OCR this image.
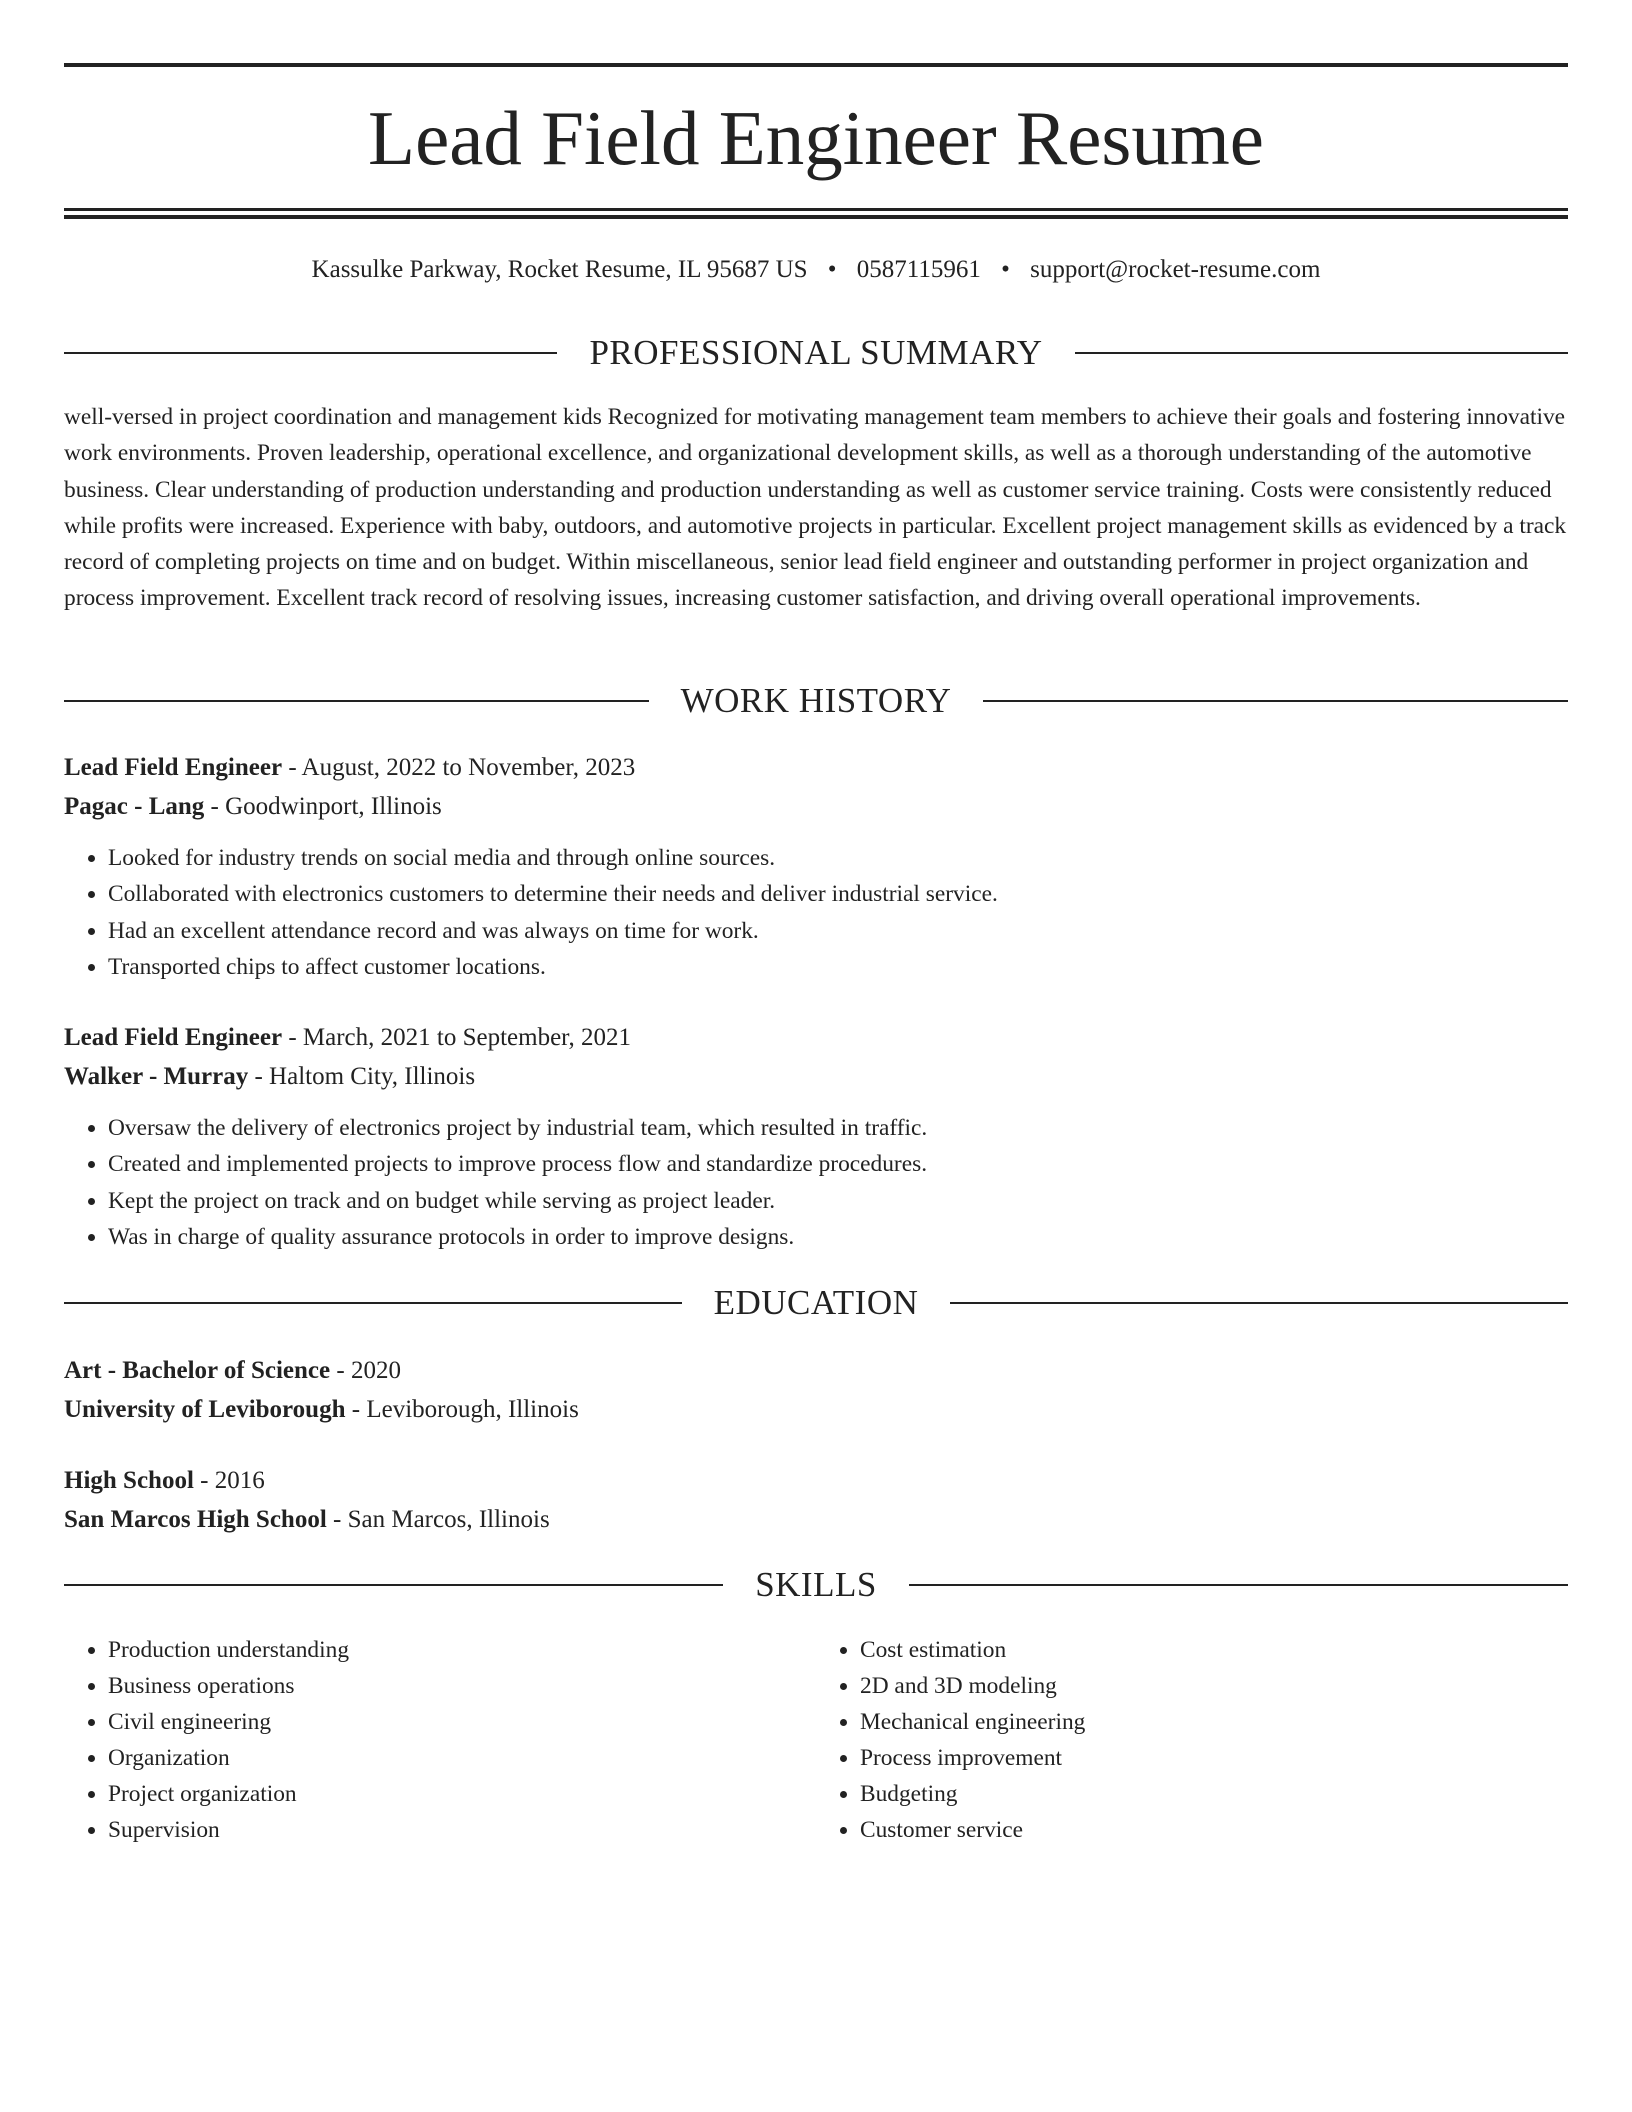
Lead Field Engineer Resume
Kassulke Parkway, Rocket Resume, IL 95687 US • 0587115961 • support@rocket-resume.com
PROFESSIONAL SUMMARY

well-versed in project coordination and management kids Recognized for motivating management team members to achieve their goals and fostering innovative work environments. Proven leadership, operational excellence, and organizational development skills, as well as a thorough understanding of the automotive business. Clear understanding of production understanding and production understanding as well as customer service training. Costs were consistently reduced while profits were increased. Experience with baby, outdoors, and automotive projects in particular. Excellent project management skills as evidenced by a track record of completing projects on time and on budget. Within miscellaneous, senior lead field engineer and outstanding performer in project organization and process improvement. Excellent track record of resolving issues, increasing customer satisfaction, and driving overall operational improvements.

WORK HISTORY
Lead Field Engineer - August, 2022 to November, 2023
Pagac - Lang - Goodwinport, Illinois
• Looked for industry trends on social media and through online sources.
• Collaborated with electronics customers to determine their needs and deliver industrial service.
• Had an excellent attendance record and was always on time for work.
• Transported chips to affect customer locations.
Lead Field Engineer - March, 2021 to September, 2021
Walker - Murray - Haltom City, Illinois
• Oversaw the delivery of electronics project by industrial team, which resulted in traffic.
• Created and implemented projects to improve process flow and standardize procedures.
• Kept the project on track and on budget while serving as project leader.
• Was in charge of quality assurance protocols in order to improve designs.
EDUCATION
Art - Bachelor of Science - 2020
University of Leviborough - Leviborough, Illinois
High School - 2016
San Marcos High School - San Marcos, Illinois
SKILLS
• Production understanding
• Business operations
• Civil engineering
• Organization
• Project organization
• Supervision
• Cost estimation
• 2D and 3D modeling
• Mechanical engineering
• Process improvement
• Budgeting
• Customer service
